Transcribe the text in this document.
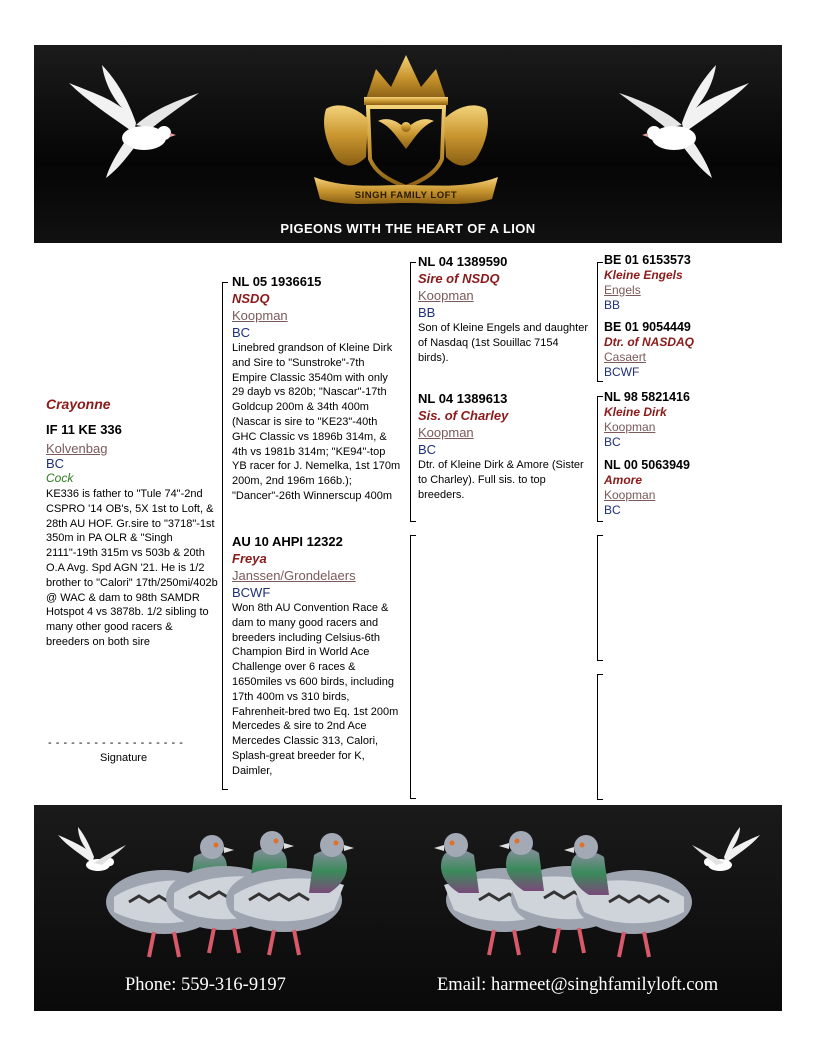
SINGH FAMILY LOFT
PIGEONS WITH THE HEART OF A LION
Crayonne
IF 11 KE 336
Kolvenbag
BC
Cock
KE336 is father to "Tule 74"-2nd CSPRO '14 OB's, 5X 1st to Loft, & 28th AU HOF. Gr.sire to "3718"-1st 350m in PA OLR & "Singh 2111"-19th 315m vs 503b & 20th O.A Avg. Spd AGN '21. He is 1/2 brother to "Calori" 17th/250mi/402b @ WAC & dam to 98th SAMDR Hotspot 4 vs 3878b. 1/2 sibling to many other good racers & breeders on both sire
- - - - - - - - - - - - - - - - - -
Signature
NL 05 1936615
NSDQ
Koopman
BC
Linebred grandson of Kleine Dirk and Sire to "Sunstroke"-7th Empire Classic 3540m with only 29 dayb vs 820b; "Nascar"-17th Goldcup 200m & 34th 400m (Nascar is sire to "KE23"-40th GHC Classic vs 1896b 314m, & 4th vs 1981b 314m; "KE94"-top YB racer for J. Nemelka, 1st 170m 200m, 2nd 196m 166b.); "Dancer"-26th Winnerscup 400m
AU 10 AHPI 12322
Freya
Janssen/Grondelaers
BCWF
Won 8th AU Convention Race & dam to many good racers and breeders including Celsius-6th Champion Bird in World Ace Challenge over 6 races & 1650miles vs 600 birds, including 17th 400m vs 310 birds, Fahrenheit-bred two Eq. 1st 200m Mercedes & sire to 2nd Ace Mercedes Classic 313, Calori, Splash-great breeder for K, Daimler,
NL 04 1389590
Sire of NSDQ
Koopman
BB
Son of Kleine Engels and daughter of Nasdaq (1st Souillac 7154 birds).
NL 04 1389613
Sis. of Charley
Koopman
BC
Dtr. of Kleine Dirk & Amore (Sister to Charley). Full sis. to top breeders.
BE 01 6153573
Kleine Engels
Engels
BB
BE 01 9054449
Dtr. of NASDAQ
Casaert
BCWF
NL 98 5821416
Kleine Dirk
Koopman
BC
NL 00 5063949
Amore
Koopman
BC
Phone: 559-316-9197	Email: harmeet@singhfamilyloft.com
